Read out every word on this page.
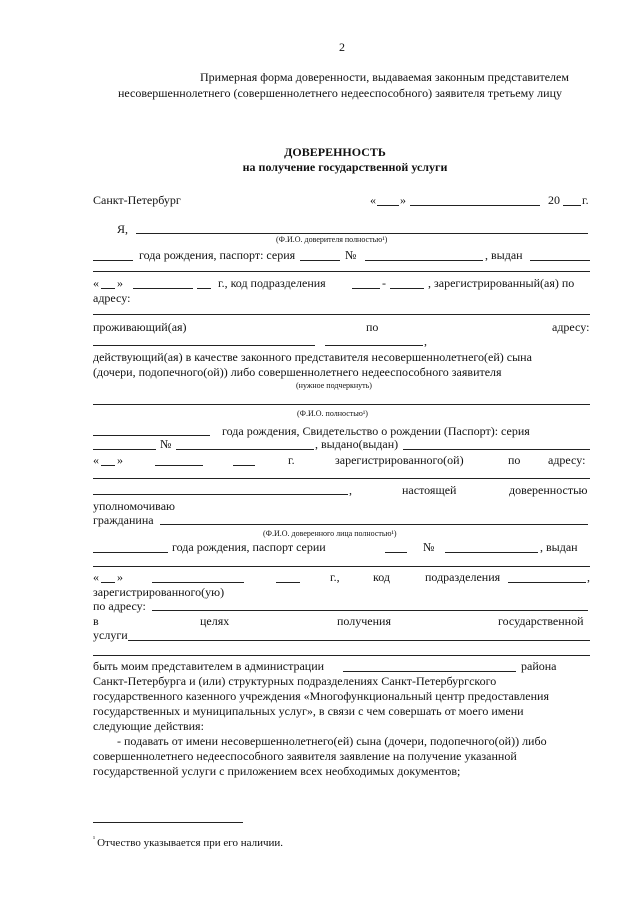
2
Примерная форма доверенности, выдаваемая законным представителем
несовершеннолетнего (совершеннолетнего недееспособного) заявителя третьему лицу
ДОВЕРЕННОСТЬ
на получение государственной услуги
Санкт-Петербург	« »	20 г.
Я,
(Ф.И.О. доверителя полностью¹)
года рождения, паспорт: серия	№	, выдан
« »	г., код подразделения	-	, зарегистрированный(ая) по
адресу:
проживающий(ая)	по	адресу:
,
действующий(ая) в качестве законного представителя несовершеннолетнего(ей) сына
(дочери, подопечного(ой)) либо совершеннолетнего недееспособного заявителя
(нужное подчеркнуть)
(Ф.И.О. полностью¹)
года рождения, Свидетельство о рождении (Паспорт): серия
№	, выдано(выдан)
« »	г.	зарегистрированного(ой)	по адресу:
,	настоящей	доверенностью
уполномочиваю
гражданина
(Ф.И.О. доверенного лица полностью¹)
года рождения, паспорт серии	№	, выдан
« »	г.,	код	подразделения	,
зарегистрированного(ую)
по адресу:
в	целях	получения	государственной
услуги
быть моим представителем в администрации	района
Санкт-Петербурга и (или) структурных подразделениях Санкт-Петербургского
государственного казенного учреждения «Многофункциональный центр предоставления
государственных и муниципальных услуг», в связи с чем совершать от моего имени
следующие действия:
- подавать от имени несовершеннолетнего(ей) сына (дочери, подопечного(ой)) либо
совершеннолетнего недееспособного заявителя заявление на получение указанной
государственной услуги с приложением всех необходимых документов;
$^{^1}$ Отчество указывается при его наличии.
